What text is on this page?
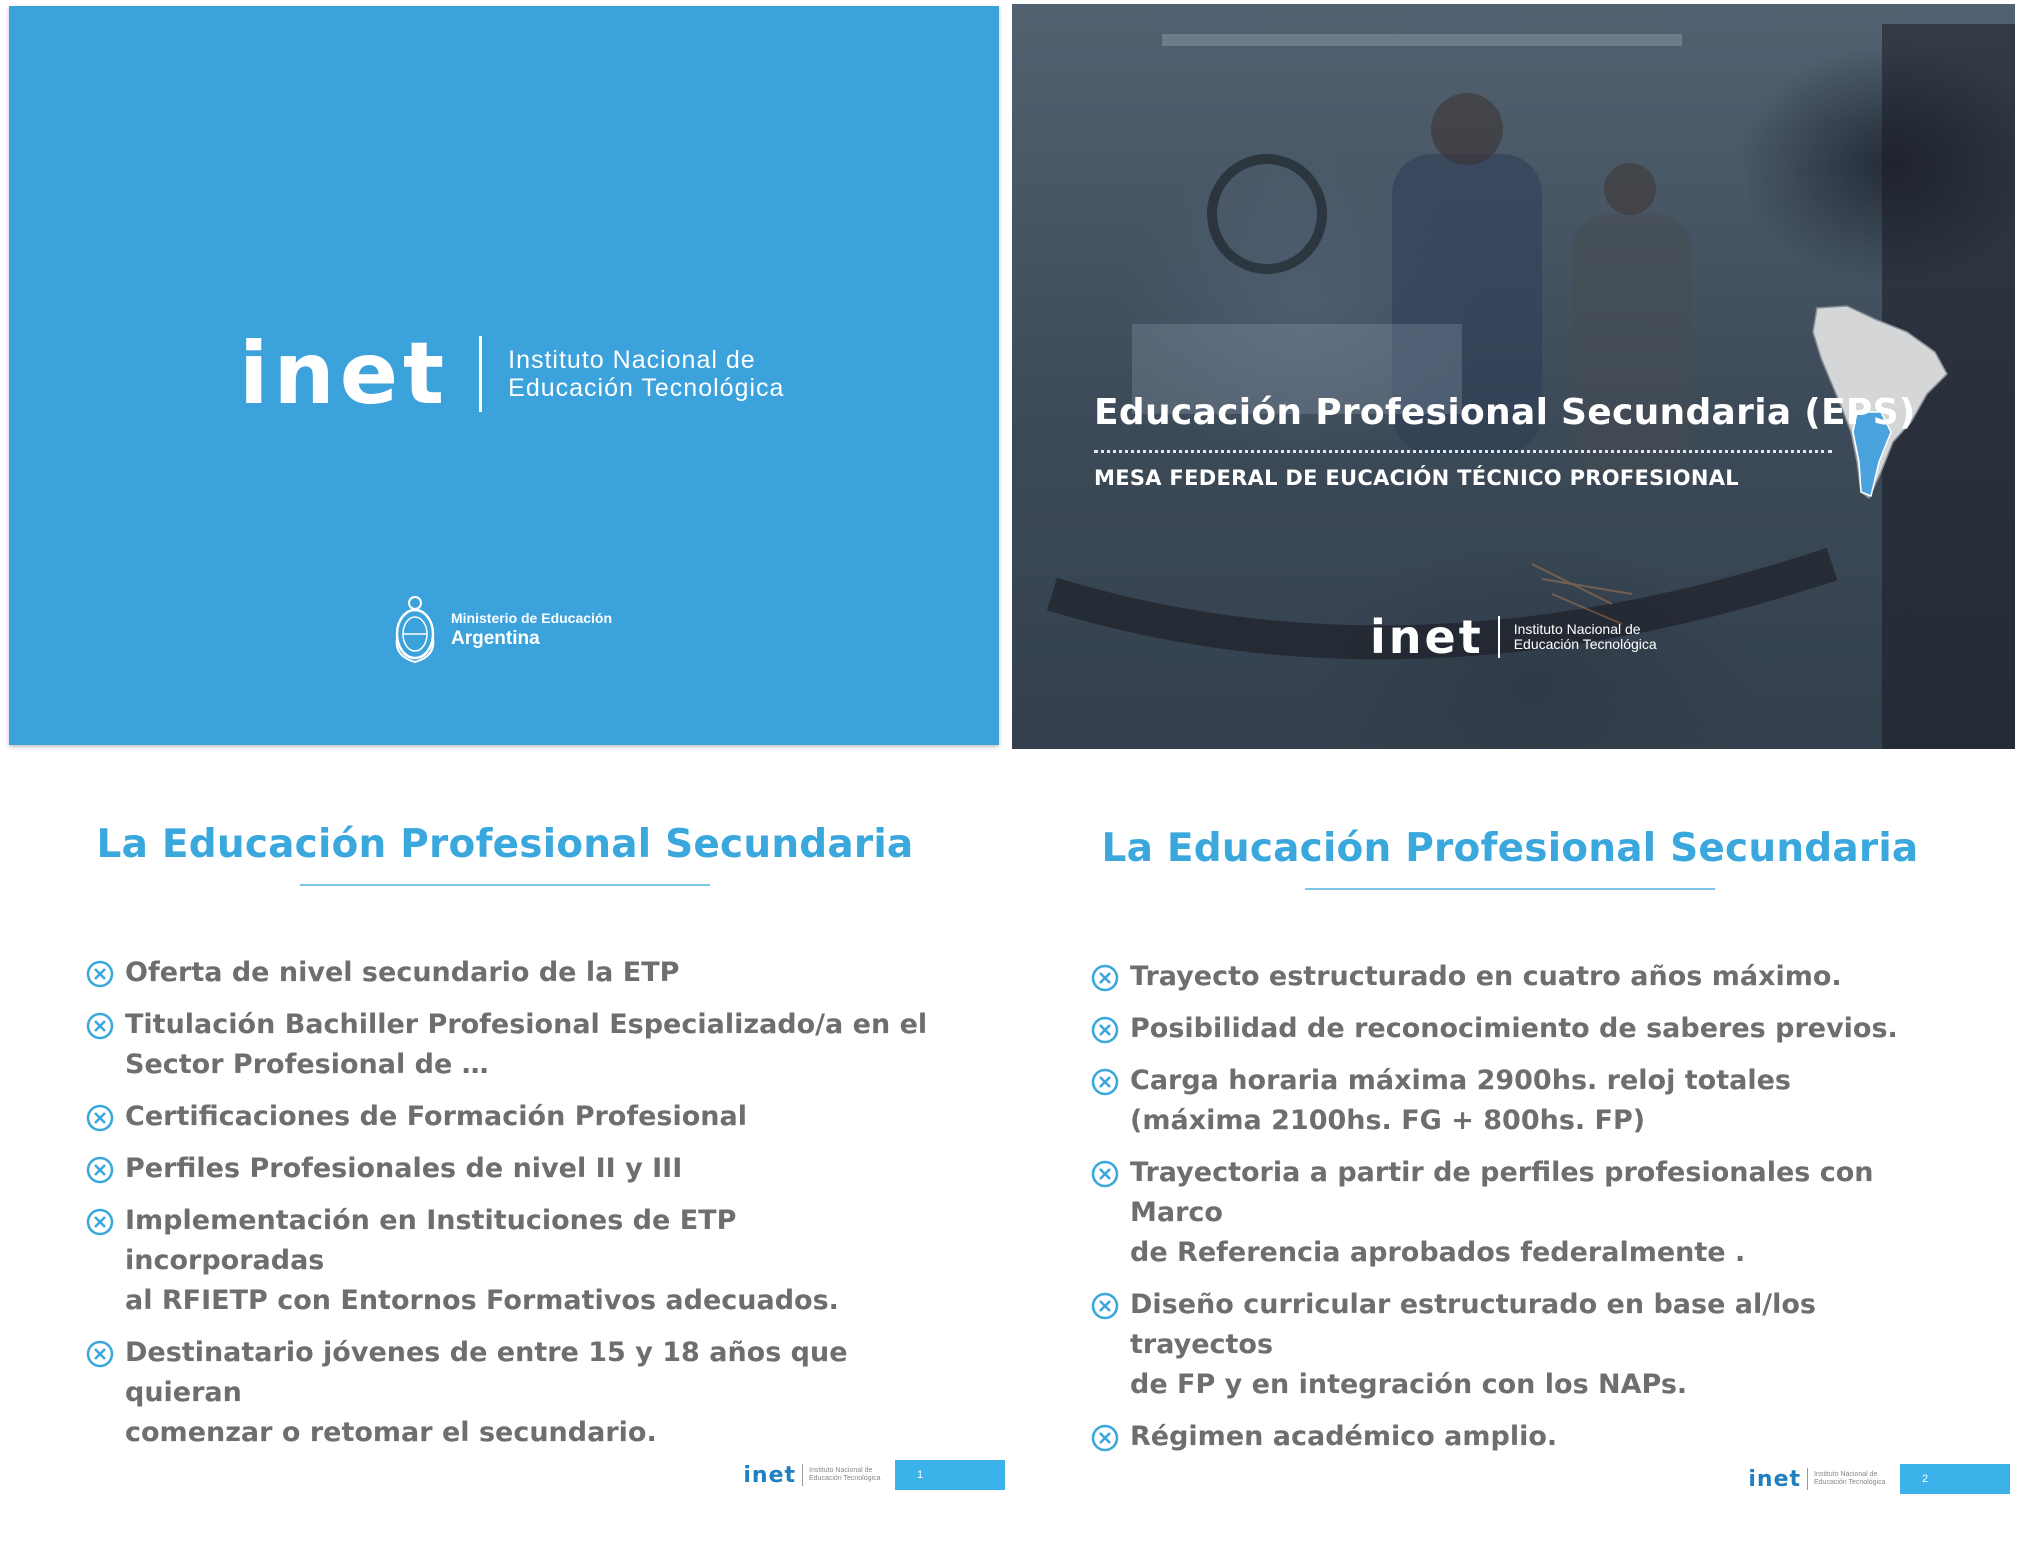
inet Instituto Nacional de
Educación Tecnológica
Ministerio de Educación
Argentina
Educación Profesional Secundaria (EPS)
MESA FEDERAL DE EUCACIÓN TÉCNICO PROFESIONAL
inet Instituto Nacional de
Educación Tecnológica
La Educación Profesional Secundaria
Oferta de nivel secundario de la ETP
Titulación Bachiller Profesional Especializado/a en el
Sector Profesional de …
Certificaciones de Formación Profesional
Perfiles Profesionales de nivel II y III
Implementación en Instituciones de ETP incorporadas
al RFIETP con Entornos Formativos adecuados.
Destinatario jóvenes de entre 15 y 18 años que quieran
comenzar o retomar el secundario.
inet Instituto Nacional de Educación Tecnológica	1
La Educación Profesional Secundaria
Trayecto estructurado en cuatro años máximo.
Posibilidad de reconocimiento de saberes previos.
Carga horaria máxima 2900hs. reloj totales
(máxima 2100hs. FG + 800hs. FP)
Trayectoria a partir de perfiles profesionales con Marco
de Referencia aprobados federalmente .
Diseño curricular estructurado en base al/los trayectos
de FP y en integración con los NAPs.
Régimen académico amplio.
inet Instituto Nacional de Educación Tecnológica	2
